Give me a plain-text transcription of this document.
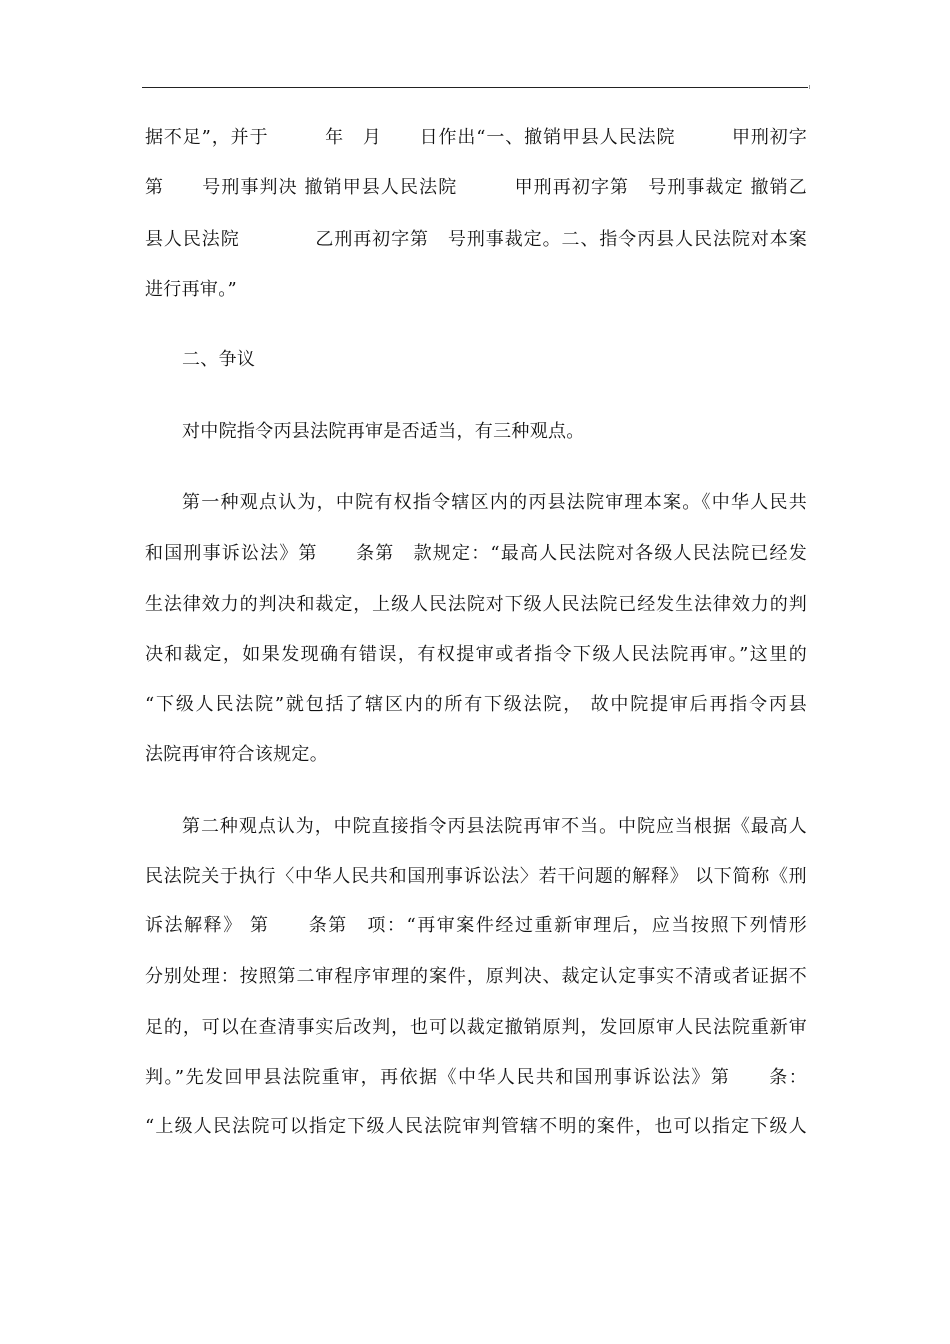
据不足”，并于　　　年　月　　日作出“一、撤销甲县人民法院　　　甲刑初字
第　　号刑事判决 撤销甲县人民法院　　　甲刑再初字第　号刑事裁定 撤销乙
县人民法院　　　　乙刑再初字第　号刑事裁定。二、指令丙县人民法院对本案
进行再审。”
二、争议
对中院指令丙县法院再审是否适当，有三种观点。
第一种观点认为，中院有权指令辖区内的丙县法院审理本案。《中华人民共
和国刑事诉讼法》第　　条第　款规定：“最高人民法院对各级人民法院已经发
生法律效力的判决和裁定，上级人民法院对下级人民法院已经发生法律效力的判
决和裁定，如果发现确有错误，有权提审或者指令下级人民法院再审。”这里的
“下级人民法院”就包括了辖区内的所有下级法院， 故中院提审后再指令丙县
法院再审符合该规定。
第二种观点认为，中院直接指令丙县法院再审不当。中院应当根据《最高人
民法院关于执行〈中华人民共和国刑事诉讼法〉若干问题的解释》 以下简称《刑
诉法解释》 第　　条第　项：“再审案件经过重新审理后，应当按照下列情形
分别处理：按照第二审程序审理的案件，原判决、裁定认定事实不清或者证据不
足的，可以在查清事实后改判，也可以裁定撤销原判，发回原审人民法院重新审
判。”先发回甲县法院重审，再依据《中华人民共和国刑事诉讼法》第　　条：
“上级人民法院可以指定下级人民法院审判管辖不明的案件，也可以指定下级人
